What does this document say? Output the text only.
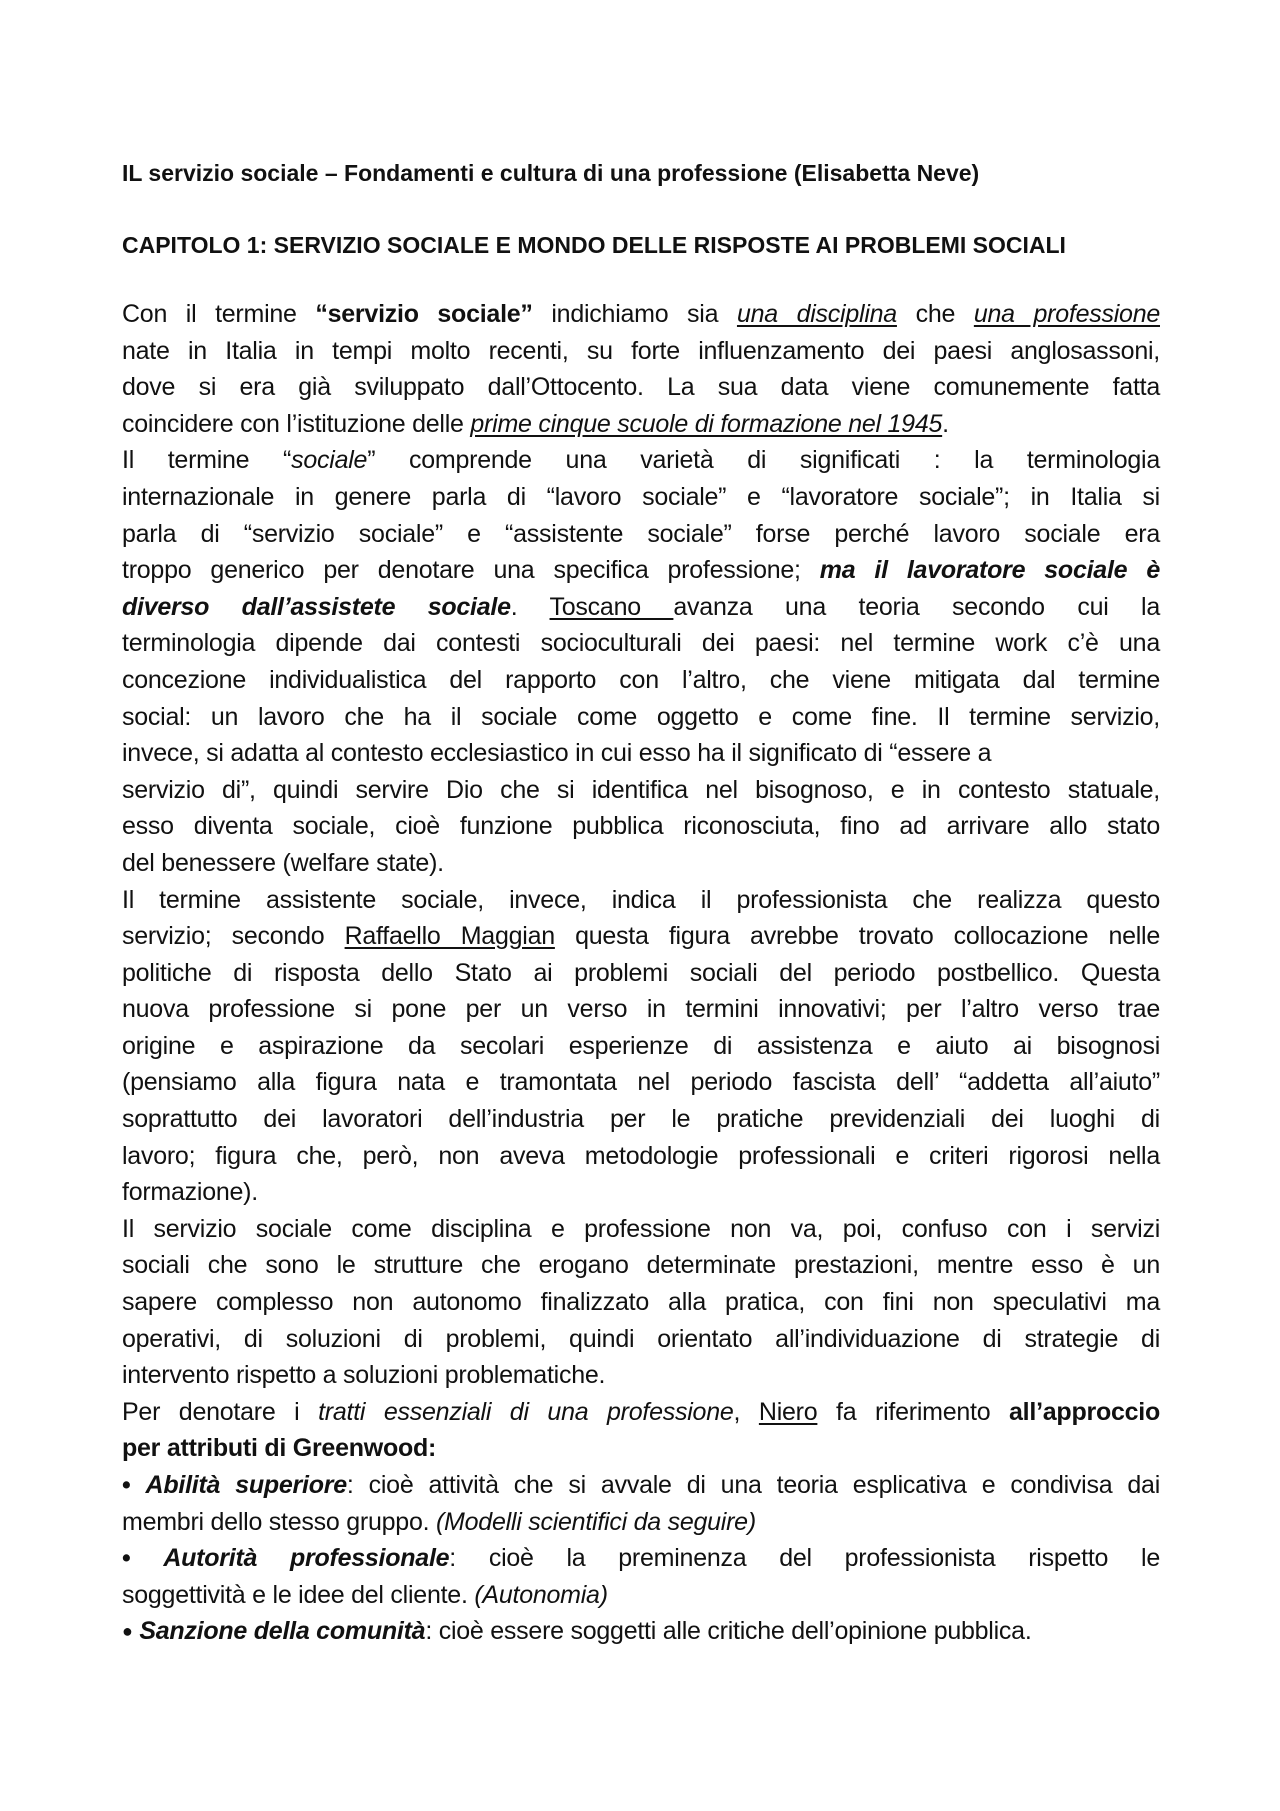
IL servizio sociale – Fondamenti e cultura di una professione (Elisabetta Neve)
CAPITOLO 1: SERVIZIO SOCIALE E MONDO DELLE RISPOSTE AI PROBLEMI SOCIALI
Con il termine “servizio sociale” indichiamo sia una disciplina che una professione
nate in Italia in tempi molto recenti, su forte influenzamento dei paesi anglosassoni,
dove si era già sviluppato dall’Ottocento. La sua data viene comunemente fatta
coincidere con l’istituzione delle prime cinque scuole di formazione nel 1945.
Il termine “sociale” comprende una varietà di significati : la terminologia
internazionale in genere parla di “lavoro sociale” e “lavoratore sociale”; in Italia si
parla di “servizio sociale” e “assistente sociale” forse perché lavoro sociale era
troppo generico per denotare una specifica professione; ma il lavoratore sociale è
diverso dall’assistete sociale. Toscano avanza una teoria secondo cui la
terminologia dipende dai contesti socioculturali dei paesi: nel termine work c’è una
concezione individualistica del rapporto con l’altro, che viene mitigata dal termine
social: un lavoro che ha il sociale come oggetto e come fine. Il termine servizio,
invece, si adatta al contesto ecclesiastico in cui esso ha il significato di “essere a
servizio di”, quindi servire Dio che si identifica nel bisognoso, e in contesto statuale,
esso diventa sociale, cioè funzione pubblica riconosciuta, fino ad arrivare allo stato
del benessere (welfare state).
Il termine assistente sociale, invece, indica il professionista che realizza questo
servizio; secondo Raffaello Maggian questa figura avrebbe trovato collocazione nelle
politiche di risposta dello Stato ai problemi sociali del periodo postbellico. Questa
nuova professione si pone per un verso in termini innovativi; per l’altro verso trae
origine e aspirazione da secolari esperienze di assistenza e aiuto ai bisognosi
(pensiamo alla figura nata e tramontata nel periodo fascista dell’ “addetta all’aiuto”
soprattutto dei lavoratori dell’industria per le pratiche previdenziali dei luoghi di
lavoro; figura che, però, non aveva metodologie professionali e criteri rigorosi nella
formazione).
Il servizio sociale come disciplina e professione non va, poi, confuso con i servizi
sociali che sono le strutture che erogano determinate prestazioni, mentre esso è un
sapere complesso non autonomo finalizzato alla pratica, con fini non speculativi ma
operativi, di soluzioni di problemi, quindi orientato all’individuazione di strategie di
intervento rispetto a soluzioni problematiche.
Per denotare i tratti essenziali di una professione, Niero fa riferimento all’approccio
per attributi di Greenwood:
• Abilità superiore: cioè attività che si avvale di una teoria esplicativa e condivisa dai
membri dello stesso gruppo. (Modelli scientifici da seguire)
• Autorità professionale: cioè la preminenza del professionista rispetto le
soggettività e le idee del cliente. (Autonomia)
● Sanzione della comunità: cioè essere soggetti alle critiche dell’opinione pubblica.
